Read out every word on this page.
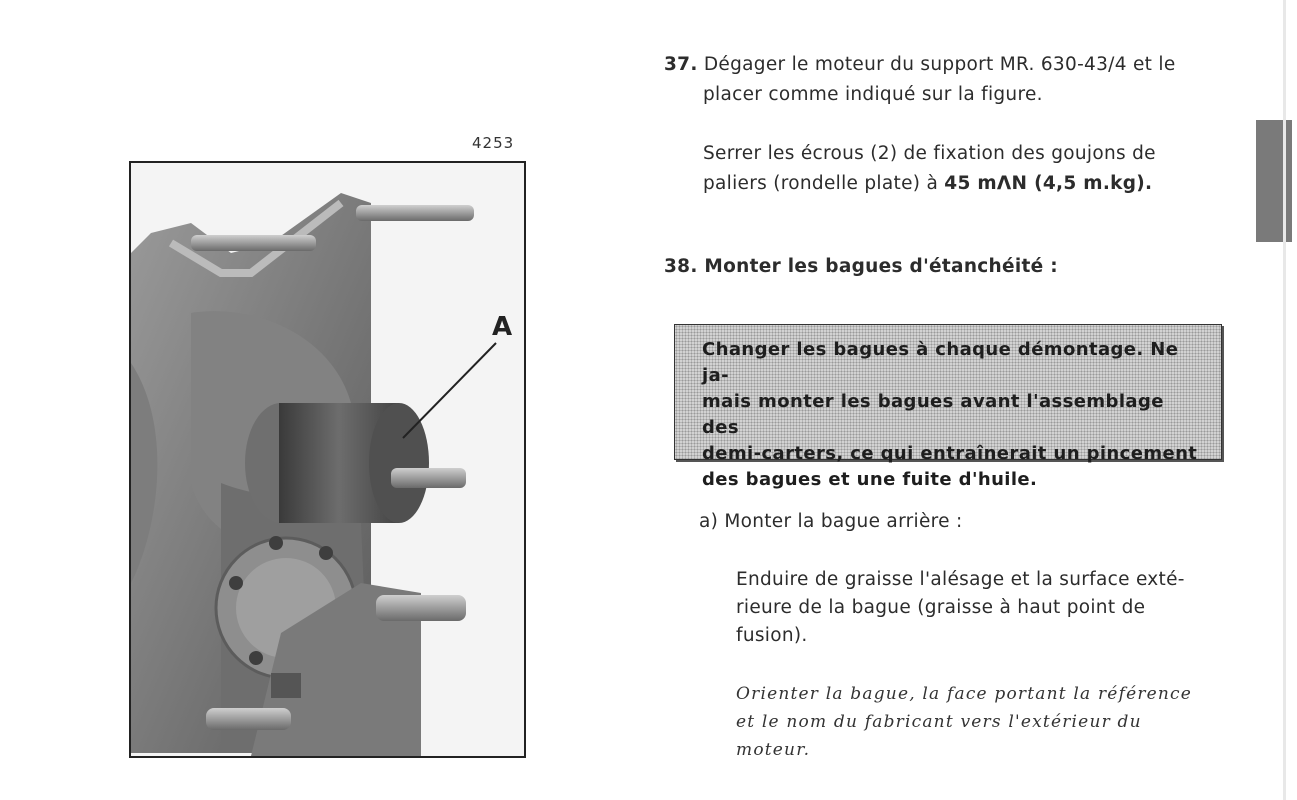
4253
A
37. Dégager le moteur du support MR. 630-43/4 et le
placer comme indiqué sur la figure.
Serrer les écrous (2) de fixation des goujons de
paliers (rondelle plate) à 45 mΛN (4,5 m.kg).
38. Monter les bagues d'étanchéité :

Changer les bagues à chaque démontage. Ne ja-
mais monter les bagues avant l'assemblage des
demi-carters, ce qui entraînerait un pincement
des bagues et une fuite d'huile.

a) Monter la bague arrière :
Enduire de graisse l'alésage et la surface exté-
rieure de la bague (graisse à haut point de
fusion).
Orienter la bague, la face portant la référence
et le nom du fabricant vers l'extérieur du
moteur.
